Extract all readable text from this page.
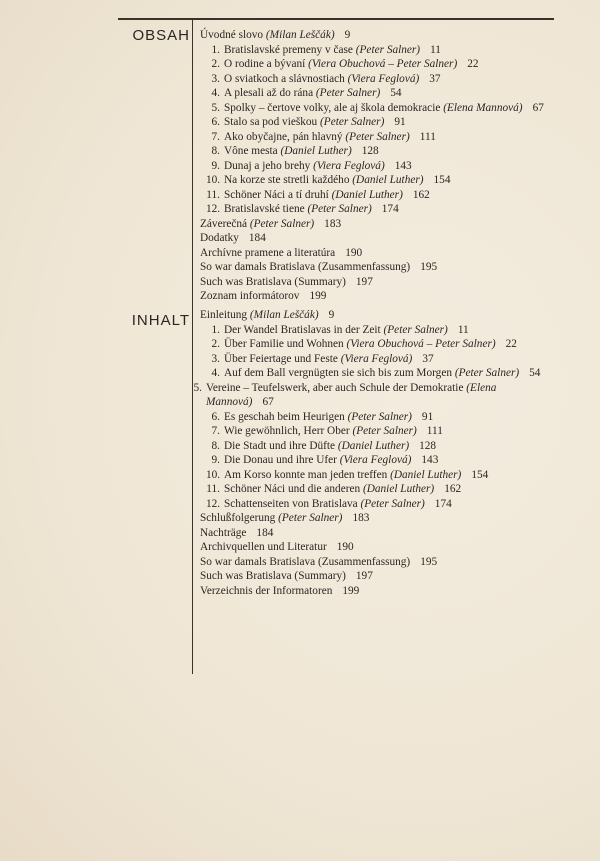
OBSAH Úvodné slovo (Milan Leščák) 9
1. Bratislavské premeny v čase (Peter Salner) 11
2. O rodine a bývaní (Viera Obuchová – Peter Salner) 22
3. O sviatkoch a slávnostiach (Viera Feglová) 37
4. A plesali až do rána (Peter Salner) 54
5. Spolky – čertove volky, ale aj škola demokracie (Elena Mannová) 67
6. Stalo sa pod vieškou (Peter Salner) 91
7. Ako obyčajne, pán hlavný (Peter Salner) 111
8. Vône mesta (Daniel Luther) 128
9. Dunaj a jeho brehy (Viera Feglová) 143
10. Na korze ste stretli každého (Daniel Luther) 154
11. Schöner Náci a tí druhí (Daniel Luther) 162
12. Bratislavské tiene (Peter Salner) 174
Záverečná (Peter Salner) 183
Dodatky 184
Archívne pramene a literatúra 190
So war damals Bratislava (Zusammenfassung) 195
Such was Bratislava (Summary) 197
Zoznam informátorov 199
INHALT Einleitung (Milan Leščák) 9
1. Der Wandel Bratislavas in der Zeit (Peter Salner) 11
2. Über Familie und Wohnen (Viera Obuchová – Peter Salner) 22
3. Über Feiertage und Feste (Viera Feglová) 37
4. Auf dem Ball vergnügten sie sich bis zum Morgen (Peter Salner) 54
5. Vereine – Teufelswerk, aber auch Schule der Demokratie (Elena Mannová) 67
6. Es geschah beim Heurigen (Peter Salner) 91
7. Wie gewöhnlich, Herr Ober (Peter Salner) 111
8. Die Stadt und ihre Düfte (Daniel Luther) 128
9. Die Donau und ihre Ufer (Viera Feglová) 143
10. Am Korso konnte man jeden treffen (Daniel Luther) 154
11. Schöner Náci und die anderen (Daniel Luther) 162
12. Schattenseiten von Bratislava (Peter Salner) 174
Schlußfolgerung (Peter Salner) 183
Nachträge 184
Archivquellen und Literatur 190
So war damals Bratislava (Zusammenfassung) 195
Such was Bratislava (Summary) 197
Verzeichnis der Informatoren 199
